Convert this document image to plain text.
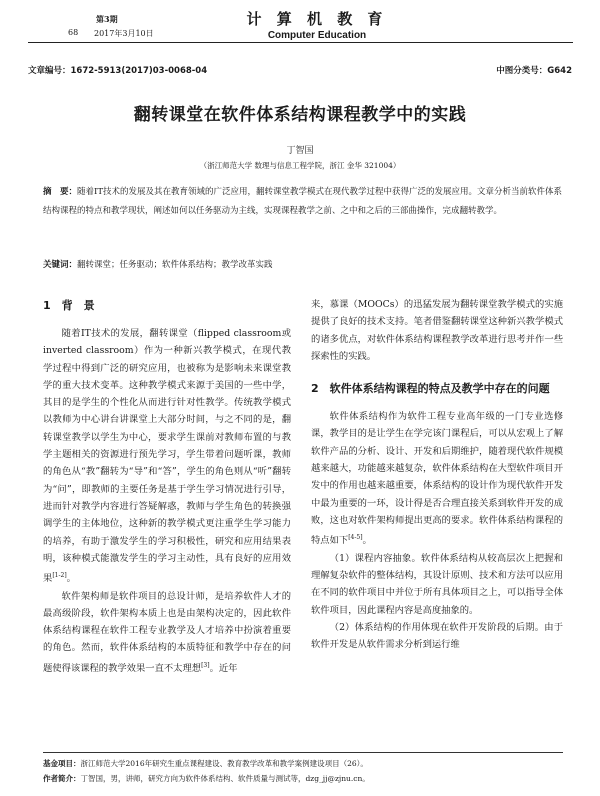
第3期
68 2017年3月10日
计 算 机 教 育
Computer Education
文章编号：1672-5913(2017)03-0068-04	中图分类号：G642
翻转课堂在软件体系结构课程教学中的实践
丁智国
（浙江师范大学 数理与信息工程学院，浙江 金华 321004）
摘　要：随着IT技术的发展及其在教育领域的广泛应用，翻转课堂教学模式在现代教学过程中获得广泛的发展应用。文章分析当前软件体系结构课程的特点和教学现状，阐述如何以任务驱动为主线，实现课程教学之前、之中和之后的三部曲操作，完成翻转教学。
关键词：翻转课堂；任务驱动；软件体系结构；教学改革实践
1　背　景

随着IT技术的发展，翻转课堂（flipped classroom或inverted classroom）作为一种新兴教学模式，在现代教学过程中得到广泛的研究应用，也被称为是影响未来课堂教学的重大技术变革。这种教学模式来源于美国的一些中学，其目的是学生的个性化从而进行针对性教学。传统教学模式以教师为中心讲台讲课堂上大部分时间，与之不同的是，翻转课堂教学以学生为中心，要求学生课前对教师布置的与教学主题相关的资源进行预先学习，学生带着问题听课，教师的角色从“教”翻转为“导”和“答”，学生的角色则从“听”翻转为“问”，即教师的主要任务是基于学生学习情况进行引导，进而针对教学内容进行答疑解惑，教师与学生角色的转换强调学生的主体地位，这种新的教学模式更注重学生学习能力的培养，有助于激发学生的学习积极性，研究和应用结果表明，该种模式能激发学生的学习主动性，具有良好的应用效果[1-2]。

软件架构师是软件项目的总设计师，是培养软件人才的最高级阶段，软件架构本质上也是由架构决定的，因此软件体系结构课程在软件工程专业教学及人才培养中扮演着重要的角色。然而，软件体系结构的本质特征和教学中存在的问题使得该课程的教学效果一直不太理想[3]。近年

来，慕课（MOOCs）的迅猛发展为翻转课堂教学模式的实施提供了良好的技术支持。笔者借鉴翻转课堂这种新兴教学模式的诸多优点，对软件体系结构课程教学改革进行思考并作一些探索性的实践。

2　软件体系结构课程的特点及教学中存在的问题

软件体系结构作为软件工程专业高年级的一门专业选修课，教学目的是让学生在学完该门课程后，可以从宏观上了解软件产品的分析、设计、开发和后期维护，随着现代软件规模越来越大，功能越来越复杂，软件体系结构在大型软件项目开发中的作用也越来越重要，体系结构的设计作为现代软件开发中最为重要的一环，设计得是否合理直接关系到软件开发的成败，这也对软件架构师提出更高的要求。软件体系结构课程的特点如下[4-5]。

（1）课程内容抽象。软件体系结构从较高层次上把握和理解复杂软件的整体结构，其设计原则、技术和方法可以应用在不同的软件项目中并位于所有具体项目之上，可以指导全体软件项目，因此课程内容是高度抽象的。

（2）体系结构的作用体现在软件开发阶段的后期。由于软件开发是从软件需求分析到运行维

基金项目：浙江师范大学2016年研究生重点课程建设、教育教学改革和教学案例建设项目（26）。
作者简介：丁智国，男，讲师，研究方向为软件体系结构、软件质量与测试等，dzg_jj@zjnu.cn。
